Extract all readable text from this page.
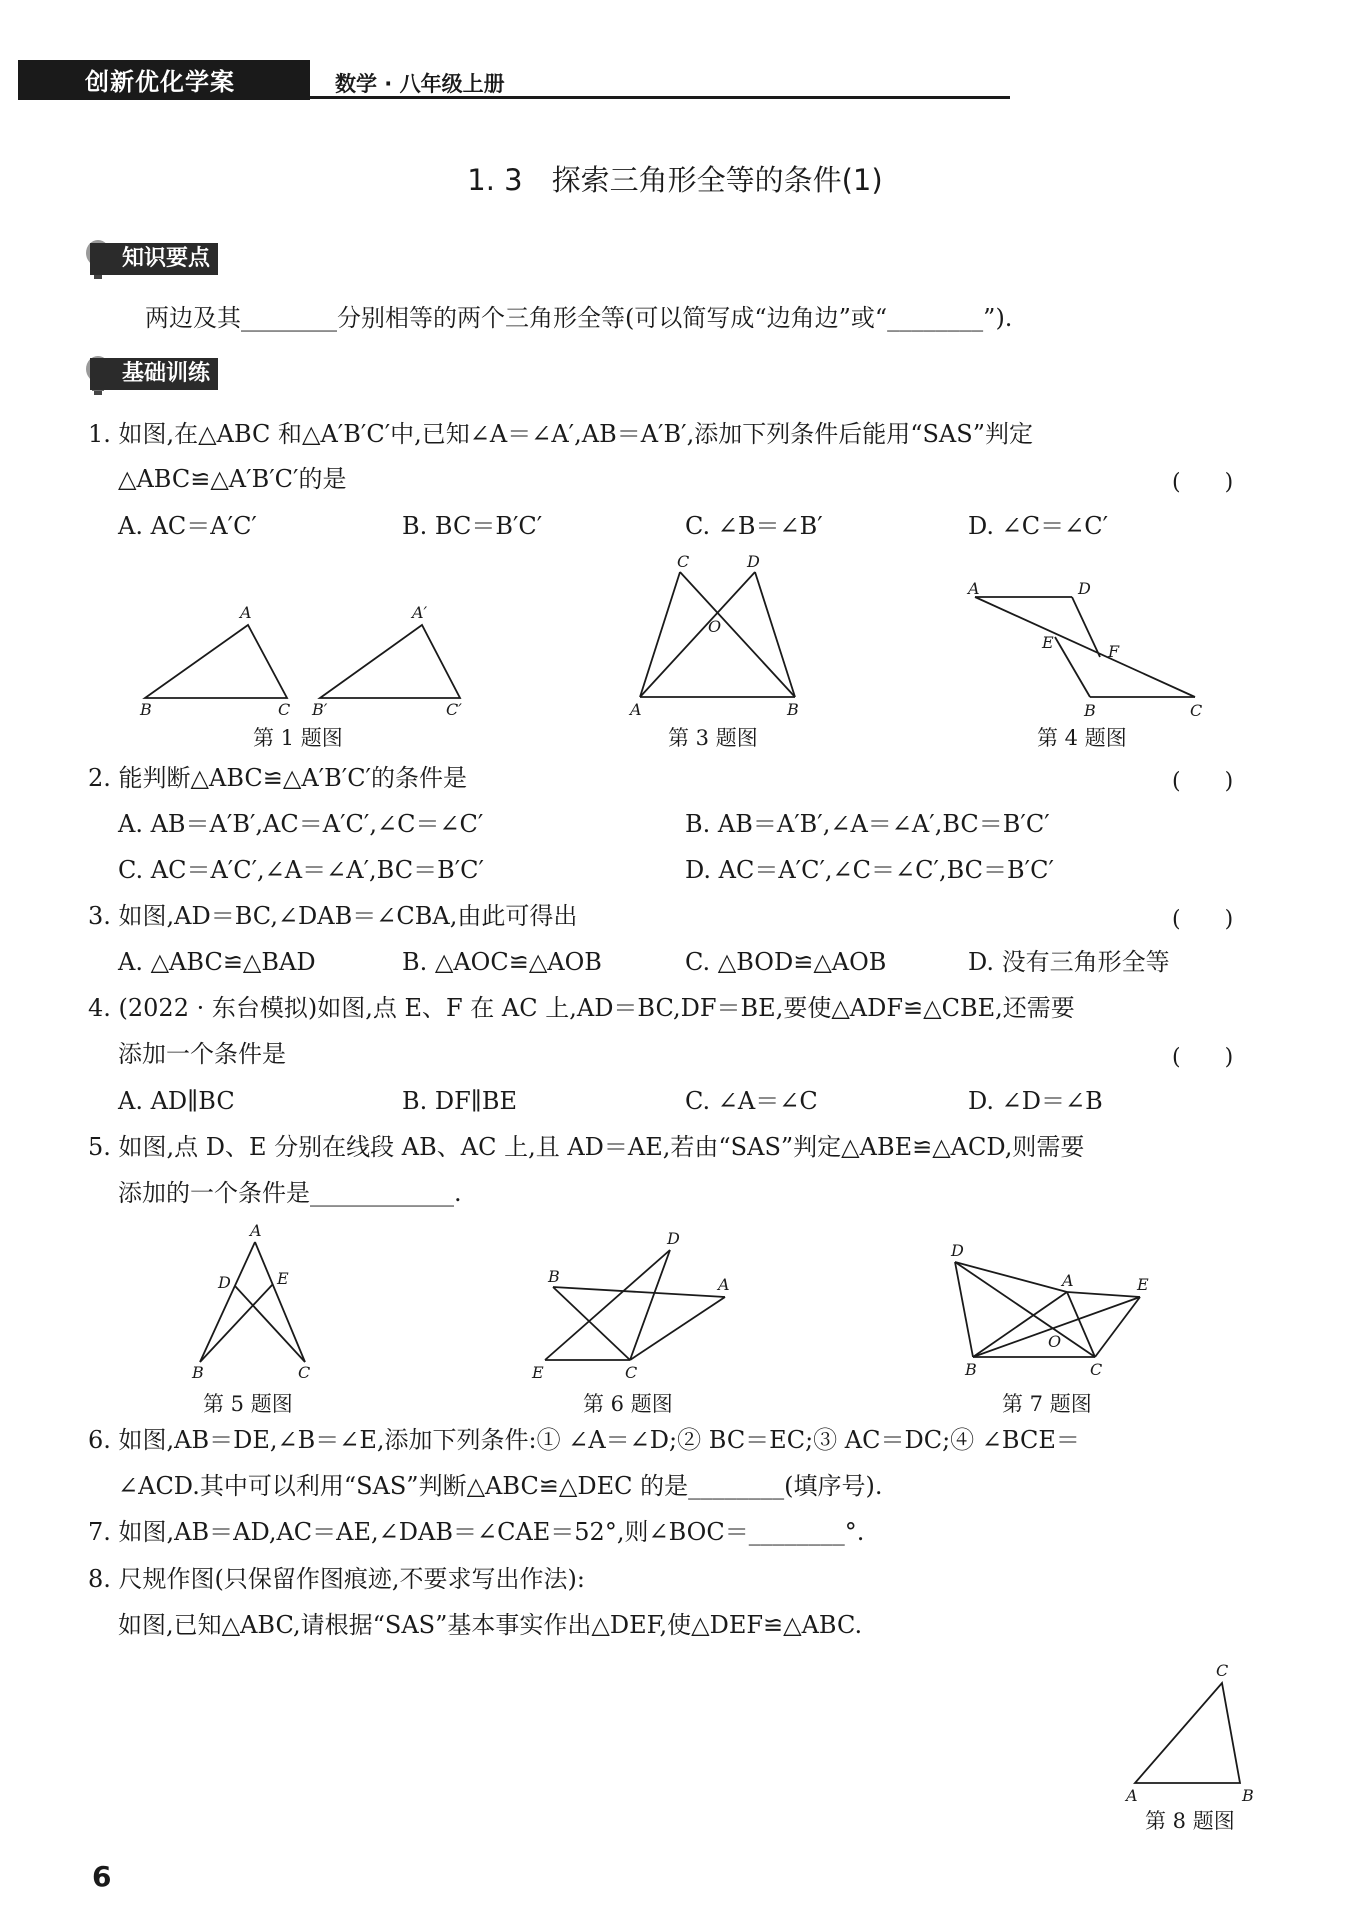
创新优化学案	数学 · 八年级上册
1. 3　探索三角形全等的条件(1)
知识要点
两边及其________分别相等的两个三角形全等(可以简写成“边角边”或“________”).
基础训练
1. 如图,在△ABC 和△A′B′C′中,已知∠A＝∠A′,AB＝A′B′,添加下列条件后能用“SAS”判定
△ABC≌△A′B′C′的是	(　　)
A. AC＝A′C′	B. BC＝B′C′	C. ∠B＝∠B′	D. ∠C＝∠C′
A
B	C
A′
B′	C′
第 1 题图
C	D
O
A	B
第 3 题图
A	D
E	F
B	C
第 4 题图
2. 能判断△ABC≌△A′B′C′的条件是	(　　)
A. AB＝A′B′,AC＝A′C′,∠C＝∠C′	B. AB＝A′B′,∠A＝∠A′,BC＝B′C′
C. AC＝A′C′,∠A＝∠A′,BC＝B′C′	D. AC＝A′C′,∠C＝∠C′,BC＝B′C′
3. 如图,AD＝BC,∠DAB＝∠CBA,由此可得出	(　　)
A. △ABC≌△BAD	B. △AOC≌△AOB	C. △BOD≌△AOB	D. 没有三角形全等
4. (2022 · 东台模拟)如图,点 E、F 在 AC 上,AD＝BC,DF＝BE,要使△ADF≌△CBE,还需要
添加一个条件是	(　　)
A. AD∥BC	B. DF∥BE	C. ∠A＝∠C	D. ∠D＝∠B
5. 如图,点 D、E 分别在线段 AB、AC 上,且 AD＝AE,若由“SAS”判定△ABE≌△ACD,则需要
添加的一个条件是____________.
A
D	E
B	C
第 5 题图
D
B	A
E	C
第 6 题图
D
A	E
O
B	C
第 7 题图
6. 如图,AB＝DE,∠B＝∠E,添加下列条件:① ∠A＝∠D;② BC＝EC;③ AC＝DC;④ ∠BCE＝
∠ACD.其中可以利用“SAS”判断△ABC≌△DEC 的是________(填序号).
7. 如图,AB＝AD,AC＝AE,∠DAB＝∠CAE＝52°,则∠BOC＝________°.
8. 尺规作图(只保留作图痕迹,不要求写出作法):
如图,已知△ABC,请根据“SAS”基本事实作出△DEF,使△DEF≌△ABC.
C
A	B
第 8 题图
6
